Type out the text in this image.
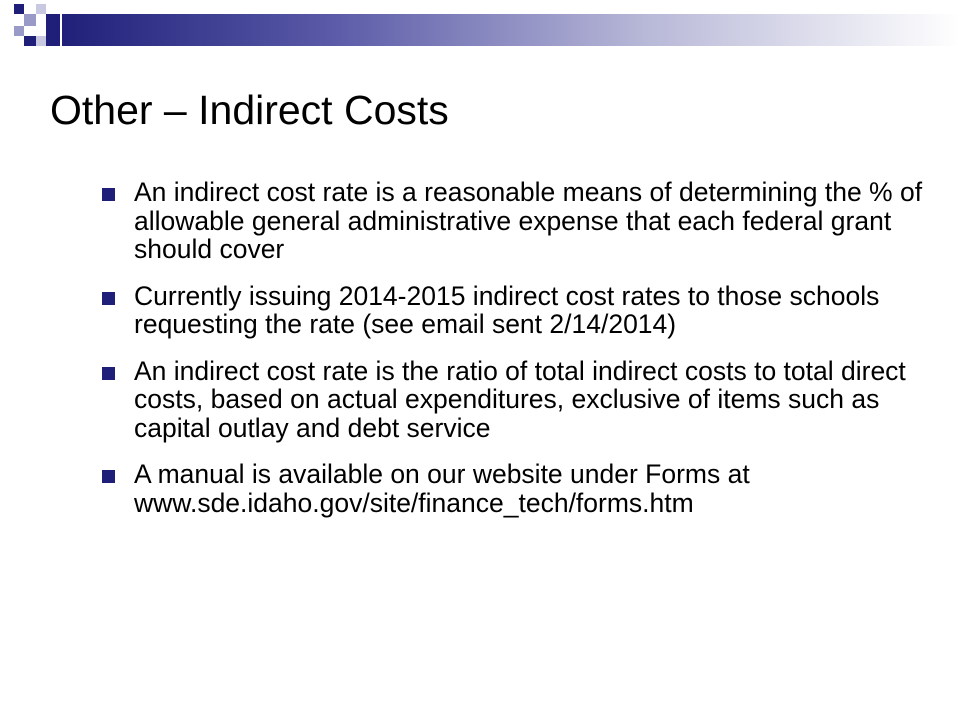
Other – Indirect Costs
An indirect cost rate is a reasonable means of determining the % of allowable general administrative expense that each federal grant should cover
Currently issuing 2014-2015 indirect cost rates to those schools requesting the rate (see email sent 2/14/2014)
An indirect cost rate is the ratio of total indirect costs to total direct costs, based on actual expenditures, exclusive of items such as capital outlay and debt service
A manual is available on our website under Forms at www.sde.idaho.gov/site/finance_tech/forms.htm
